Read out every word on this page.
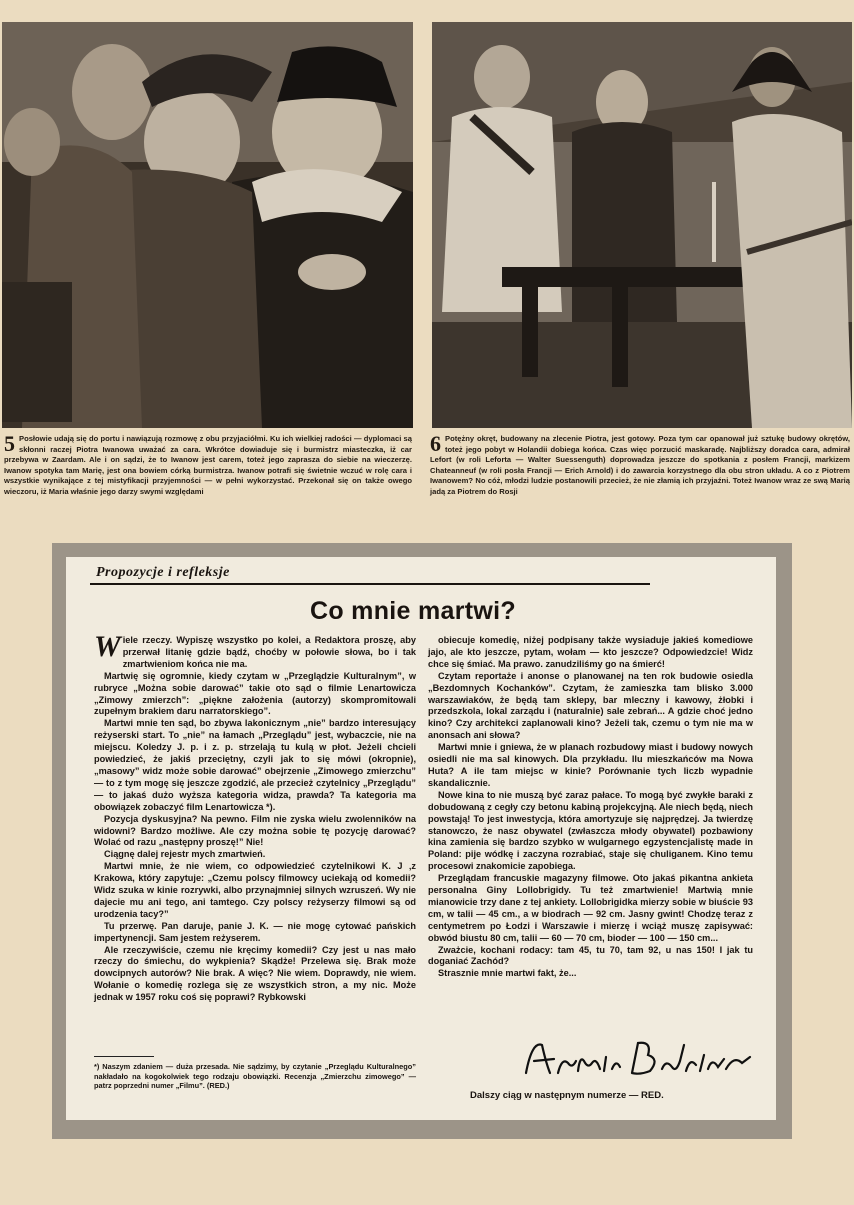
5 Posłowie udają się do portu i nawiązują rozmowę z obu przyjaciółmi. Ku ich wielkiej radości — dyplomaci są skłonni raczej Piotra Iwanowa uważać za cara. Wkrótce dowiaduje się i burmistrz miasteczka, iż car przebywa w Zaardam. Ale i on sądzi, że to Iwanow jest carem, toteż jego zaprasza do siebie na wieczerzę. Iwanow spotyka tam Marię, jest ona bowiem córką burmistrza. Iwanow potrafi się świetnie wczuć w rolę cara i wszystkie wynikające z tej mistyfikacji przyjemności — w pełni wykorzystać. Przekonał się on także owego wieczoru, iż Maria właśnie jego darzy swymi względami
6 Potężny okręt, budowany na zlecenie Piotra, jest gotowy. Poza tym car opanował już sztukę budowy okrętów, toteż jego pobyt w Holandii dobiega końca. Czas więc porzucić maskaradę. Najbliższy doradca cara, admirał Lefort (w roli Leforta — Walter Suessenguth) doprowadza jeszcze do spotkania z posłem Francji, markizem Chateanneuf (w roli posła Francji — Erich Arnold) i do zawarcia korzystnego dla obu stron układu. A co z Piotrem Iwanowem? No cóż, młodzi ludzie postanowili przecież, że nie złamią ich przyjaźni. Toteż Iwanow wraz ze swą Marią jadą za Piotrem do Rosji
Propozycje i refleksje
Co mnie martwi?

Wiele rzeczy. Wypiszę wszystko po kolei, a Redaktora proszę, aby przerwał litanię gdzie bądź, choćby w połowie słowa, bo i tak zmartwieniom końca nie ma.

Martwię się ogromnie, kiedy czytam w „Przeglądzie Kulturalnym”, w rubryce „Można sobie darować” takie oto sąd o filmie Lenartowicza „Zimowy zmierzch”: „piękne założenia (autorzy) skompromitowali zupełnym brakiem daru narratorskiego”.

Martwi mnie ten sąd, bo zbywa lakonicznym „nie” bardzo interesujący reżyserski start. To „nie” na łamach „Przeglądu” jest, wybaczcie, nie na miejscu. Koledzy J. p. i z. p. strzelają tu kulą w płot. Jeżeli chcieli powiedzieć, że jakiś przeciętny, czyli jak to się mówi (okropnie), „masowy” widz może sobie darować” obejrzenie „Zimowego zmierzchu” — to z tym mogę się jeszcze zgodzić, ale przecież czytelnicy „Przeglądu” — to jakaś dużo wyższa kategoria widza, prawda? Ta kategoria ma obowiązek zobaczyć film Lenartowicza *).

Pozycja dyskusyjna? Na pewno. Film nie zyska wielu zwolenników na widowni? Bardzo możliwe. Ale czy można sobie tę pozycję darować? Wolać od razu „następny proszę!” Nie!

Ciągnę dalej rejestr mych zmartwień.

Martwi mnie, że nie wiem, co odpowiedzieć czytelnikowi K. J ‚z Krakowa, który zapytuje: „Czemu polscy filmowcy uciekają od komedii? Widz szuka w kinie rozrywki, albo przynajmniej silnych wzruszeń. Wy nie dajecie mu ani tego, ani tamtego. Czy polscy reżyserzy filmowi są od urodzenia tacy?”

Tu przerwę. Pan daruje, panie J. K. — nie mogę cytować pańskich impertynencji. Sam jestem reżyserem.

Ale rzeczywiście, czemu nie kręcimy komedii? Czy jest u nas mało rzeczy do śmiechu, do wykpienia? Skądże! Przelewa się. Brak może dowcipnych autorów? Nie brak. A więc? Nie wiem. Doprawdy, nie wiem. Wołanie o komedię rozlega się ze wszystkich stron, a my nic. Może jednak w 1957 roku coś się poprawi? Rybkowski

obiecuje komedię, niżej podpisany także wysiaduje jakieś komediowe jajo, ale kto jeszcze, pytam, wołam — kto jeszcze? Odpowiedzcie! Widz chce się śmiać. Ma prawo. zanudziliśmy go na śmierć!

Czytam reportaże i anonse o planowanej na ten rok budowie osiedla „Bezdomnych Kochanków”. Czytam, że zamieszka tam blisko 3.000 warszawiaków, że będą tam sklepy, bar mleczny i kawowy, żłobki i przedszkola, lokal zarządu i (naturalnie) sale zebrań... A gdzie choć jedno kino? Czy architekci zaplanowali kino? Jeżeli tak, czemu o tym nie ma w anonsach ani słowa?

Martwi mnie i gniewa, że w planach rozbudowy miast i budowy nowych osiedli nie ma sal kinowych. Dla przykładu. Ilu mieszkańców ma Nowa Huta? A ile tam miejsc w kinie? Porównanie tych liczb wypadnie skandalicznie.

Nowe kina to nie muszą być zaraz pałace. To mogą być zwykłe baraki z dobudowaną z cegły czy betonu kabiną projekcyjną. Ale niech będą, niech powstają! To jest inwestycja, która amortyzuje się najprędzej. Ja twierdzę stanowczo, że nasz obywatel (zwłaszcza młody obywatel) pozbawiony kina zamienia się bardzo szybko w wulgarnego egzystencjalistę made in Poland: pije wódkę i zaczyna rozrabiać, staje się chuliganem. Kino temu procesowi znakomicie zapobiega.

Przeglądam francuskie magazyny filmowe. Oto jakaś pikantna ankieta personalna Giny Lollobrigidy. Tu też zmartwienie! Martwią mnie mianowicie trzy dane z tej ankiety. Lollobrigidka mierzy sobie w biuście 93 cm, w talii — 45 cm., a w biodrach — 92 cm. Jasny gwint! Chodzę teraz z centymetrem po Łodzi i Warszawie i mierzę i wciąż muszę zapisywać: obwód biustu 80 cm, talii — 60 — 70 cm, bioder — 100 — 150 cm...

Zważcie, kochani rodacy: tam 45, tu 70, tam 92, u nas 150! I jak tu doganiać Zachód?

Strasznie mnie martwi fakt, że...

*) Naszym zdaniem — duża przesada. Nie sądzimy, by czytanie „Przeglądu Kulturalnego” nakładało na kogokolwiek tego rodzaju obowiązki. Recenzja „Zmierzchu zimowego” — patrz poprzedni numer „Filmu”. (RED.)
Dalszy ciąg w następnym numerze — RED.
